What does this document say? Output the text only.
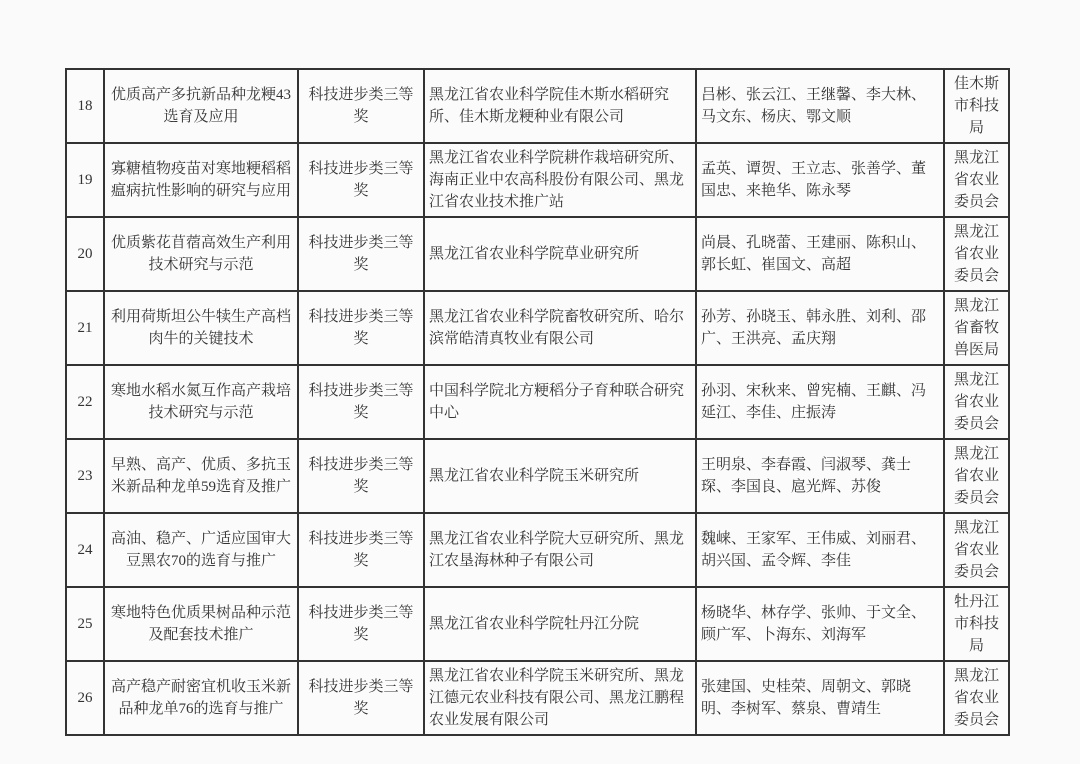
18	优质高产多抗新品种龙粳43选育及应用	科技进步类三等奖	黑龙江省农业科学院佳木斯水稻研究所、佳木斯龙粳种业有限公司	吕彬、张云江、王继馨、李大林、马文东、杨庆、鄂文顺	佳木斯市科技局
19	寡糖植物疫苗对寒地粳稻稻瘟病抗性影响的研究与应用	科技进步类三等奖	黑龙江省农业科学院耕作栽培研究所、海南正业中农高科股份有限公司、黑龙江省农业技术推广站	孟英、谭贺、王立志、张善学、董国忠、来艳华、陈永琴	黑龙江省农业委员会
20	优质紫花苜蓿高效生产利用技术研究与示范	科技进步类三等奖	黑龙江省农业科学院草业研究所	尚晨、孔晓蕾、王建丽、陈积山、郭长虹、崔国文、高超	黑龙江省农业委员会
21	利用荷斯坦公牛犊生产高档肉牛的关键技术	科技进步类三等奖	黑龙江省农业科学院畜牧研究所、哈尔滨常皓清真牧业有限公司	孙芳、孙晓玉、韩永胜、刘利、邵广、王洪亮、孟庆翔	黑龙江省畜牧兽医局
22	寒地水稻水氮互作高产栽培技术研究与示范	科技进步类三等奖	中国科学院北方粳稻分子育种联合研究中心	孙羽、宋秋来、曾宪楠、王麒、冯延江、李佳、庄振涛	黑龙江省农业委员会
23	早熟、高产、优质、多抗玉米新品种龙单59选育及推广	科技进步类三等奖	黑龙江省农业科学院玉米研究所	王明泉、李春霞、闫淑琴、龚士琛、李国良、扈光辉、苏俊	黑龙江省农业委员会
24	高油、稳产、广适应国审大豆黑农70的选育与推广	科技进步类三等奖	黑龙江省农业科学院大豆研究所、黑龙江农垦海林种子有限公司	魏崃、王家军、王伟威、刘丽君、胡兴国、孟令辉、李佳	黑龙江省农业委员会
25	寒地特色优质果树品种示范及配套技术推广	科技进步类三等奖	黑龙江省农业科学院牡丹江分院	杨晓华、林存学、张帅、于文全、顾广军、卜海东、刘海军	牡丹江市科技局
26	高产稳产耐密宜机收玉米新品种龙单76的选育与推广	科技进步类三等奖	黑龙江省农业科学院玉米研究所、黑龙江德元农业科技有限公司、黑龙江鹏程农业发展有限公司	张建国、史桂荣、周朝文、郭晓明、李树军、蔡泉、曹靖生	黑龙江省农业委员会
